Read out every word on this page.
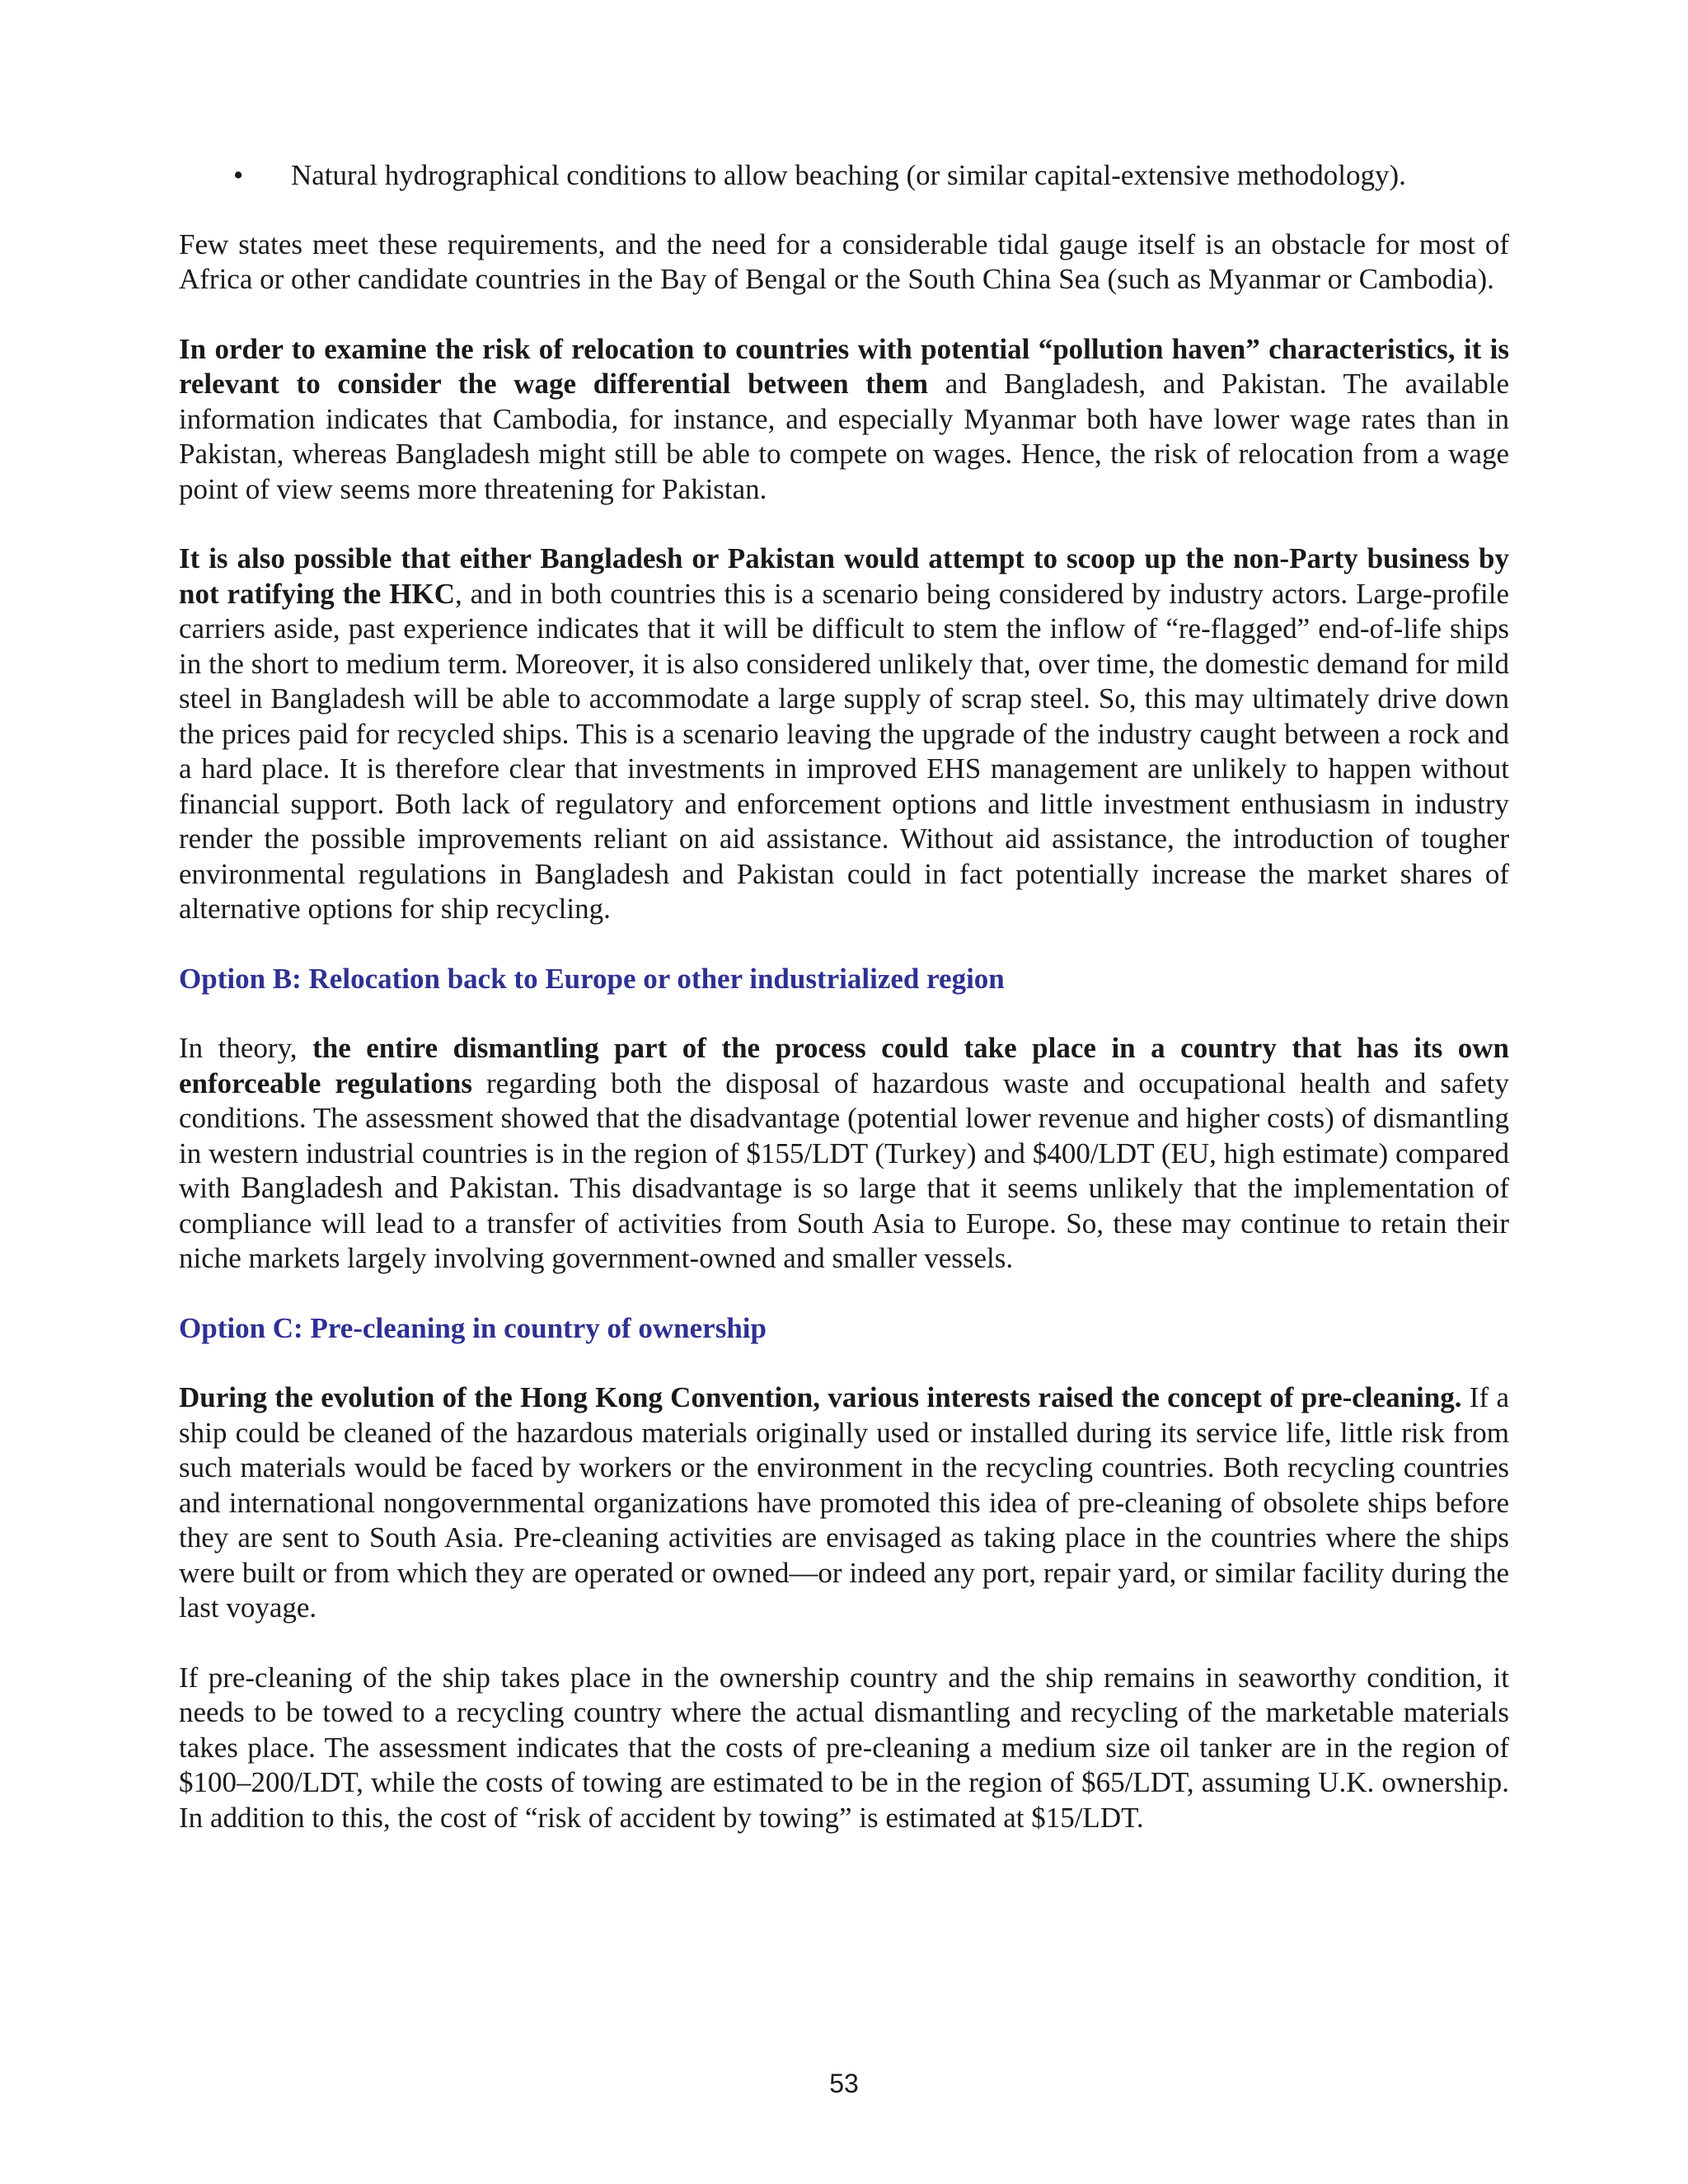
• Natural hydrographical conditions to allow beaching (or similar capital-extensive methodology).

Few states meet these requirements, and the need for a considerable tidal gauge itself is an obstacle for most of Africa or other candidate countries in the Bay of Bengal or the South China Sea (such as Myanmar or Cambodia).

In order to examine the risk of relocation to countries with potential “pollution haven” characteristics, it is relevant to consider the wage differential between them and Bangladesh, and Pakistan. The available information indicates that Cambodia, for instance, and especially Myanmar both have lower wage rates than in Pakistan, whereas Bangladesh might still be able to compete on wages. Hence, the risk of relocation from a wage point of view seems more threatening for Pakistan.

It is also possible that either Bangladesh or Pakistan would attempt to scoop up the non-Party business by not ratifying the HKC, and in both countries this is a scenario being considered by industry actors. Large-profile carriers aside, past experience indicates that it will be difficult to stem the inflow of “re-flagged” end-of-life ships in the short to medium term. Moreover, it is also considered unlikely that, over time, the domestic demand for mild steel in Bangladesh will be able to accommodate a large supply of scrap steel. So, this may ultimately drive down the prices paid for recycled ships. This is a scenario leaving the upgrade of the industry caught between a rock and a hard place. It is therefore clear that investments in improved EHS management are unlikely to happen without financial support. Both lack of regulatory and enforcement options and little investment enthusiasm in industry render the possible improvements reliant on aid assistance. Without aid assistance, the introduction of tougher environmental regulations in Bangladesh and Pakistan could in fact potentially increase the market shares of alternative options for ship recycling.

Option B: Relocation back to Europe or other industrialized region

In theory, the entire dismantling part of the process could take place in a country that has its own enforceable regulations regarding both the disposal of hazardous waste and occupational health and safety conditions. The assessment showed that the disadvantage (potential lower revenue and higher costs) of dismantling in western industrial countries is in the region of $155/LDT (Turkey) and $400/LDT (EU, high estimate) compared with Bangladesh and Pakistan. This disadvantage is so large that it seems unlikely that the implementation of compliance will lead to a transfer of activities from South Asia to Europe. So, these may continue to retain their niche markets largely involving government-owned and smaller vessels.

Option C: Pre-cleaning in country of ownership

During the evolution of the Hong Kong Convention, various interests raised the concept of pre-cleaning. If a ship could be cleaned of the hazardous materials originally used or installed during its service life, little risk from such materials would be faced by workers or the environment in the recycling countries. Both recycling countries and international nongovernmental organizations have promoted this idea of pre-cleaning of obsolete ships before they are sent to South Asia. Pre-cleaning activities are envisaged as taking place in the countries where the ships were built or from which they are operated or owned—or indeed any port, repair yard, or similar facility during the last voyage.

If pre-cleaning of the ship takes place in the ownership country and the ship remains in seaworthy condition, it needs to be towed to a recycling country where the actual dismantling and recycling of the marketable materials takes place. The assessment indicates that the costs of pre-cleaning a medium size oil tanker are in the region of $100–200/LDT, while the costs of towing are estimated to be in the region of $65/LDT, assuming U.K. ownership. In addition to this, the cost of “risk of accident by towing” is estimated at $15/LDT.

53
